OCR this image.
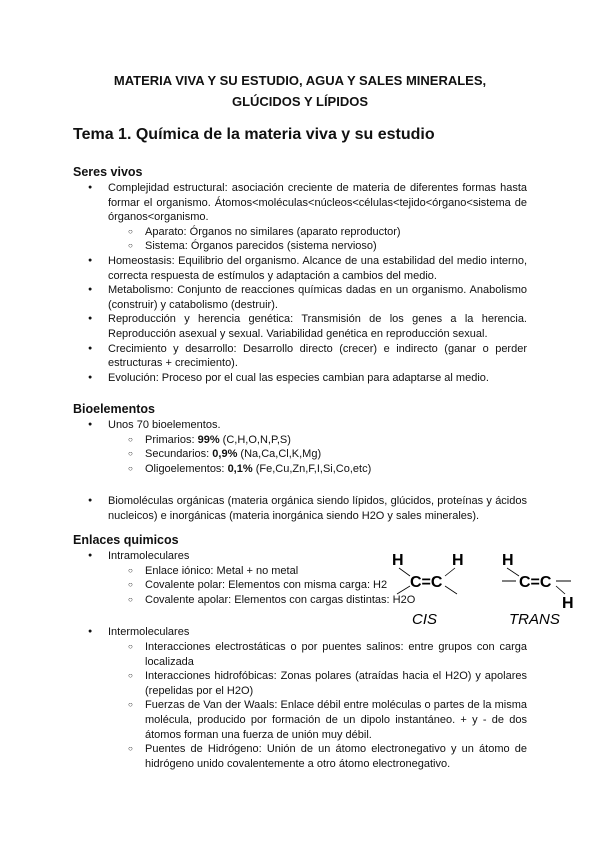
MATERIA VIVA Y SU ESTUDIO, AGUA Y SALES MINERALES,
GLÚCIDOS Y LÍPIDOS
Tema 1. Química de la materia viva y su estudio
Seres vivos
● Complejidad estructural: asociación creciente de materia de diferentes formas hasta formar el organismo. Átomos<moléculas<núcleos<células<tejido<órgano<sistema de órganos<organismo.
○ Aparato: Órganos no similares (aparato reproductor)
○ Sistema: Órganos parecidos (sistema nervioso)
● Homeostasis: Equilibrio del organismo. Alcance de una estabilidad del medio interno, correcta respuesta de estímulos y adaptación a cambios del medio.
● Metabolismo: Conjunto de reacciones químicas dadas en un organismo. Anabolismo (construir) y catabolismo (destruir).
● Reproducción y herencia genética: Transmisión de los genes a la herencia. Reproducción asexual y sexual. Variabilidad genética en reproducción sexual.
● Crecimiento y desarrollo: Desarrollo directo (crecer) e indirecto (ganar o perder estructuras + crecimiento).
● Evolución: Proceso por el cual las especies cambian para adaptarse al medio.
Bioelementos
● Unos 70 bioelementos.
○ Primarios: 99% (C,H,O,N,P,S)
○ Secundarios: 0,9% (Na,Ca,Cl,K,Mg)
○ Oligoelementos: 0,1% (Fe,Cu,Zn,F,I,Si,Co,etc)
● Biomoléculas orgánicas (materia orgánica siendo lípidos, glúcidos, proteínas y ácidos nucleicos) e inorgánicas (materia inorgánica siendo H2O y sales minerales).
Enlaces quimicos
● Intramoleculares
○ Enlace iónico: Metal + no metal
○ Covalente polar: Elementos con misma carga: H2
○ Covalente apolar: Elementos con cargas distintas: H2O
● Intermoleculares
○ Interacciones electrostáticas o por puentes salinos: entre grupos con carga localizada
○ Interacciones hidrofóbicas: Zonas polares (atraídas hacia el H2O) y apolares (repelidas por el H2O)
○ Fuerzas de Van der Waals: Enlace débil entre moléculas o partes de la misma molécula, producido por formación de un dipolo instantáneo. + y - de dos átomos forman una fuerza de unión muy débil.
○ Puentes de Hidrógeno: Unión de un átomo electronegativo y un átomo de hidrógeno unido covalentemente a otro átomo electronegativo.
H	H
C=C
CIS
H
C=C
H
TRANS
